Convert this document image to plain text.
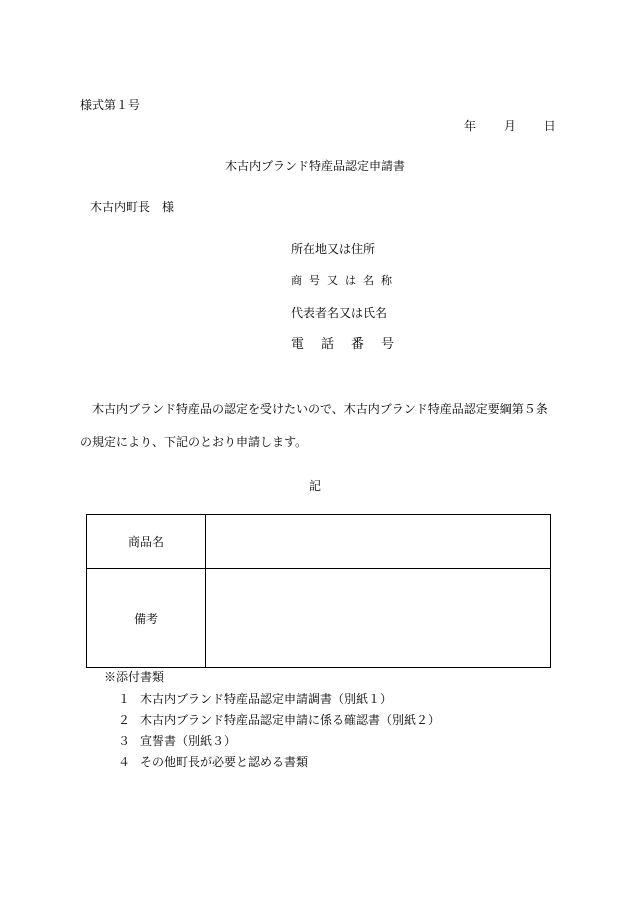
様式第１号
年 月 日
木古内ブランド特産品認定申請書
木古内町長　様
所在地又は住所
商号又は名称
代表者名又は氏名
電話番号
木古内ブランド特産品の認定を受けたいので、木古内ブランド特産品認定要綱第５条
の規定により、下記のとおり申請します。
記
商品名	
備考	
※添付書類
１ 木古内ブランド特産品認定申請調書（別紙１）
２ 木古内ブランド特産品認定申請に係る確認書（別紙２）
３ 宣誓書（別紙３）
４ その他町長が必要と認める書類
